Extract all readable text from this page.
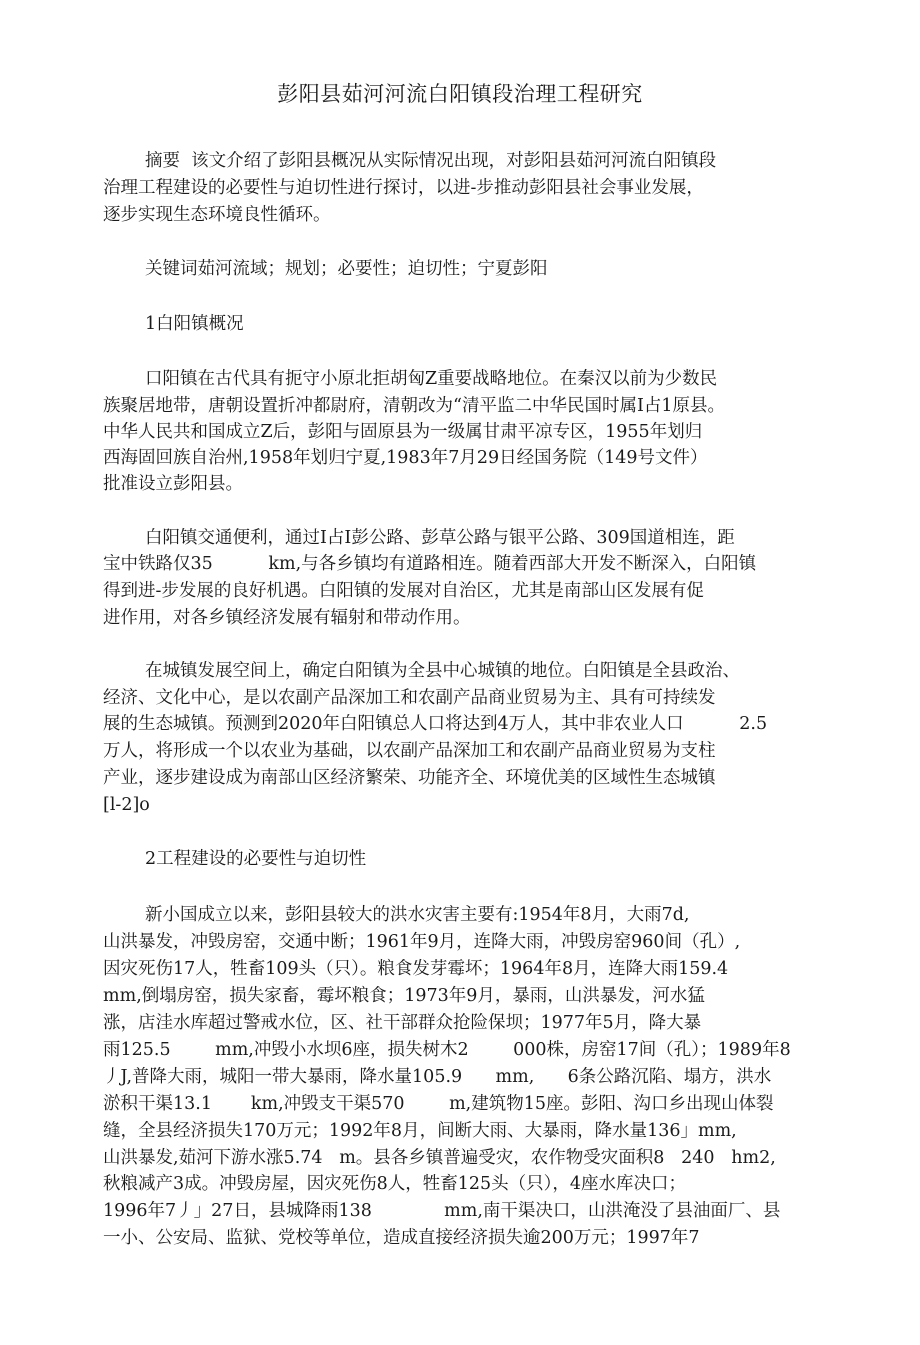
彭阳县茹河河流白阳镇段治理工程研究
摘要  该文介绍了彭阳县概况从实际情况出现，对彭阳县茹河河流白阳镇段
治理工程建设的必要性与迫切性进行探讨，以进-步推动彭阳县社会事业发展，
逐步实现生态环境良性循环。
关键词茹河流域；规划；必要性；迫切性；宁夏彭阳
1白阳镇概况
口阳镇在古代具有扼守小原北拒胡匈Z重要战略地位。在秦汉以前为少数民
族聚居地带，唐朝设置折冲都尉府，清朝改为“清平监二中华民国时属I占1原县。
中华人民共和国成立Z后，彭阳与固原县为一级属甘肃平凉专区，1955年划归
西海固回族自治州,1958年划归宁夏,1983年7月29日经国务院（149号文件）
批准设立彭阳县。
白阳镇交通便利，通过I占I彭公路、彭草公路与银平公路、309国道相连，距
宝中铁路仅35          km,与各乡镇均有道路相连。随着西部大开发不断深入，白阳镇
得到进-步发展的良好机遇。白阳镇的发展对自治区，尤其是南部山区发展有促
进作用，对各乡镇经济发展有辐射和带动作用。
在城镇发展空间上，确定白阳镇为全县中心城镇的地位。白阳镇是全县政治、
经济、文化中心，是以农副产品深加工和农副产品商业贸易为主、具有可持续发
展的生态城镇。预测到2020年白阳镇总人口将达到4万人，其中非农业人口          2.5
万人，将形成一个以农业为基础，以农副产品深加工和农副产品商业贸易为支柱
产业，逐步建设成为南部山区经济繁荣、功能齐全、环境优美的区域性生态城镇
[l-2]o
2工程建设的必要性与迫切性
新小国成立以来，彭阳县较大的洪水灾害主要有:1954年8月，大雨7d,
山洪暴发，冲毁房窑，交通中断；1961年9月，连降大雨，冲毁房窑960间（孔）,
因灾死伤17人，牲畜109头（只）。粮食发芽霉坏；1964年8月，连降大雨159.4
mm,倒塌房窑，损失家畜，霉坏粮食；1973年9月，暴雨，山洪暴发，河水猛
涨，店洼水库超过警戒水位，区、社干部群众抢险保坝；1977年5月，降大暴
雨125.5        mm,冲毁小水坝6座，损失树木2        000株，房窑17间（孔）；1989年8
丿J,普降大雨，城阳一带大暴雨，降水量105.9      mm,      6条公路沉陷、塌方，洪水
淤积干渠13.1       km,冲毁支干渠570        m,建筑物15座。彭阳、沟口乡出现山体裂
缝，全县经济损失170万元；1992年8月，间断大雨、大暴雨，降水量136」mm,
山洪暴发,茹河下游水涨5.74   m。县各乡镇普遍受灾，农作物受灾面积8   240   hm2,
秋粮减产3成。冲毁房屋，因灾死伤8人，牲畜125头（只），4座水库决口；
1996年7丿」27日，县城降雨138             mm,南干渠决口，山洪淹没了县油面厂、县
一小、公安局、监狱、党校等单位，造成直接经济损失逾200万元；1997年7
